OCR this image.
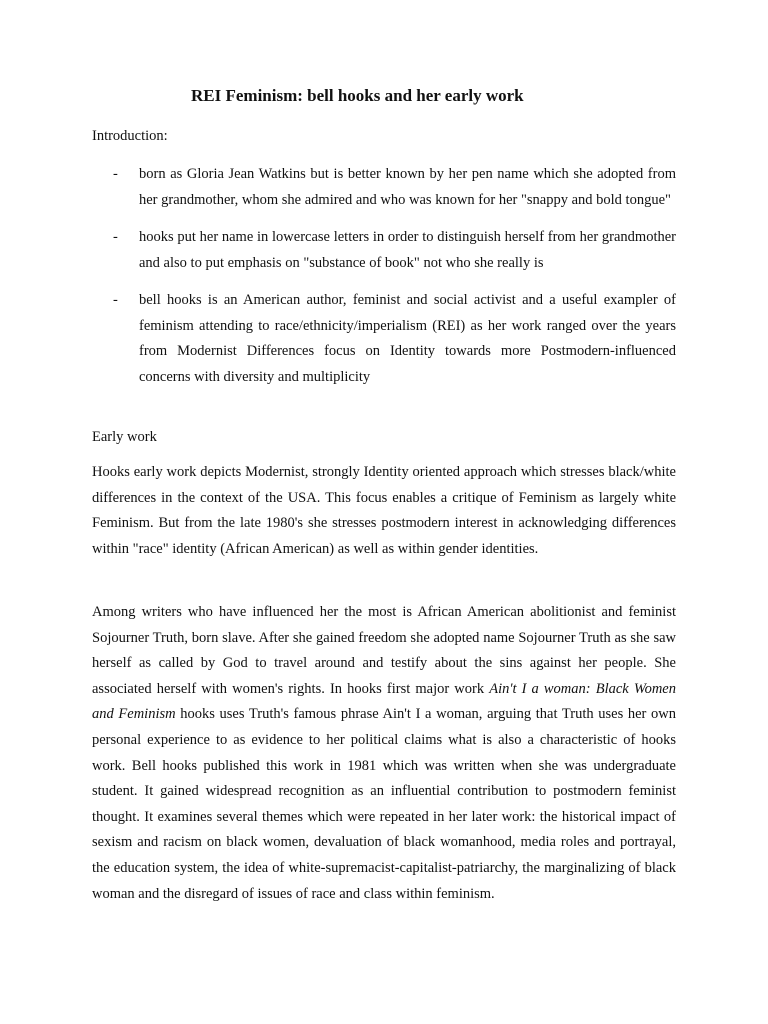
REI Feminism: bell hooks and her early work
Introduction:
- born as Gloria Jean Watkins but is better known by her pen name which she adopted from her grandmother, whom she admired and who was known for her "snappy and bold tongue"
- hooks put her name in lowercase letters in order to distinguish herself from her grandmother and also to put emphasis on "substance of book" not who she really is
- bell hooks is an American author, feminist and social activist and a useful exampler of feminism attending to race/ethnicity/imperialism (REI) as her work ranged over the years from Modernist Differences focus on Identity towards more Postmodern-influenced concerns with diversity and multiplicity
Early work

Hooks early work depicts Modernist, strongly Identity oriented approach which stresses black/white differences in the context of the USA. This focus enables a critique of Feminism as largely white Feminism. But from the late 1980's she stresses postmodern interest in acknowledging differences within "race" identity (African American) as well as within gender identities.

Among writers who have influenced her the most is African American abolitionist and feminist Sojourner Truth, born slave. After she gained freedom she adopted name Sojourner Truth as she saw herself as called by God to travel around and testify about the sins against her people. She associated herself with women's rights. In hooks first major work Ain't I a woman: Black Women and Feminism hooks uses Truth's famous phrase Ain't I a woman, arguing that Truth uses her own personal experience to as evidence to her political claims what is also a characteristic of hooks work. Bell hooks published this work in 1981 which was written when she was undergraduate student. It gained widespread recognition as an influential contribution to postmodern feminist thought. It examines several themes which were repeated in her later work: the historical impact of sexism and racism on black women, devaluation of black womanhood, media roles and portrayal, the education system, the idea of white-supremacist-capitalist-patriarchy, the marginalizing of black woman and the disregard of issues of race and class within feminism.
